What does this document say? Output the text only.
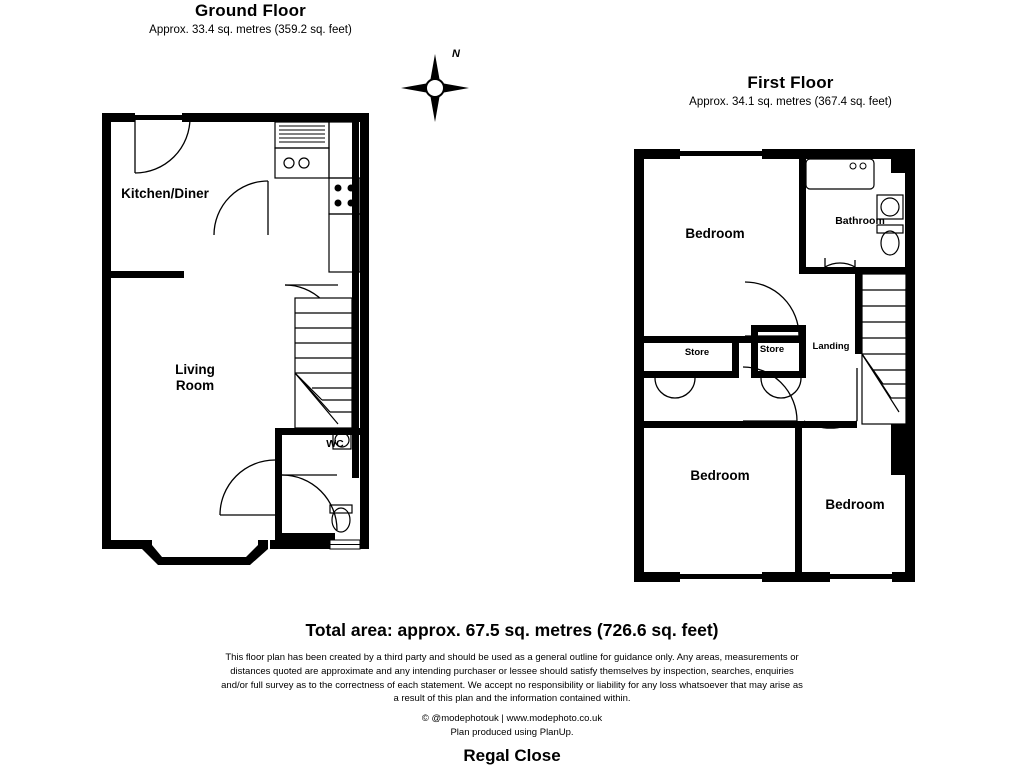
Ground Floor
Approx. 33.4 sq. metres (359.2 sq. feet)
Kitchen/Diner
Living
Room
WC
N
First Floor
Approx. 34.1 sq. metres (367.4 sq. feet)
Bedroom
Bedroom
Bedroom
Bathroom
Store	Store	Landing
Total area: approx. 67.5 sq. metres (726.6 sq. feet)
This floor plan has been created by a third party and should be used as a general outline for guidance only. Any areas, measurements or
distances quoted are approximate and any intending purchaser or lessee should satisfy themselves by inspection, searches, enquiries
and/or full survey as to the correctness of each statement. We accept no responsibility or liability for any loss whatsoever that may arise as
a result of this plan and the information contained within.
© @modephotouk | www.modephoto.co.uk
Plan produced using PlanUp.
Regal Close
